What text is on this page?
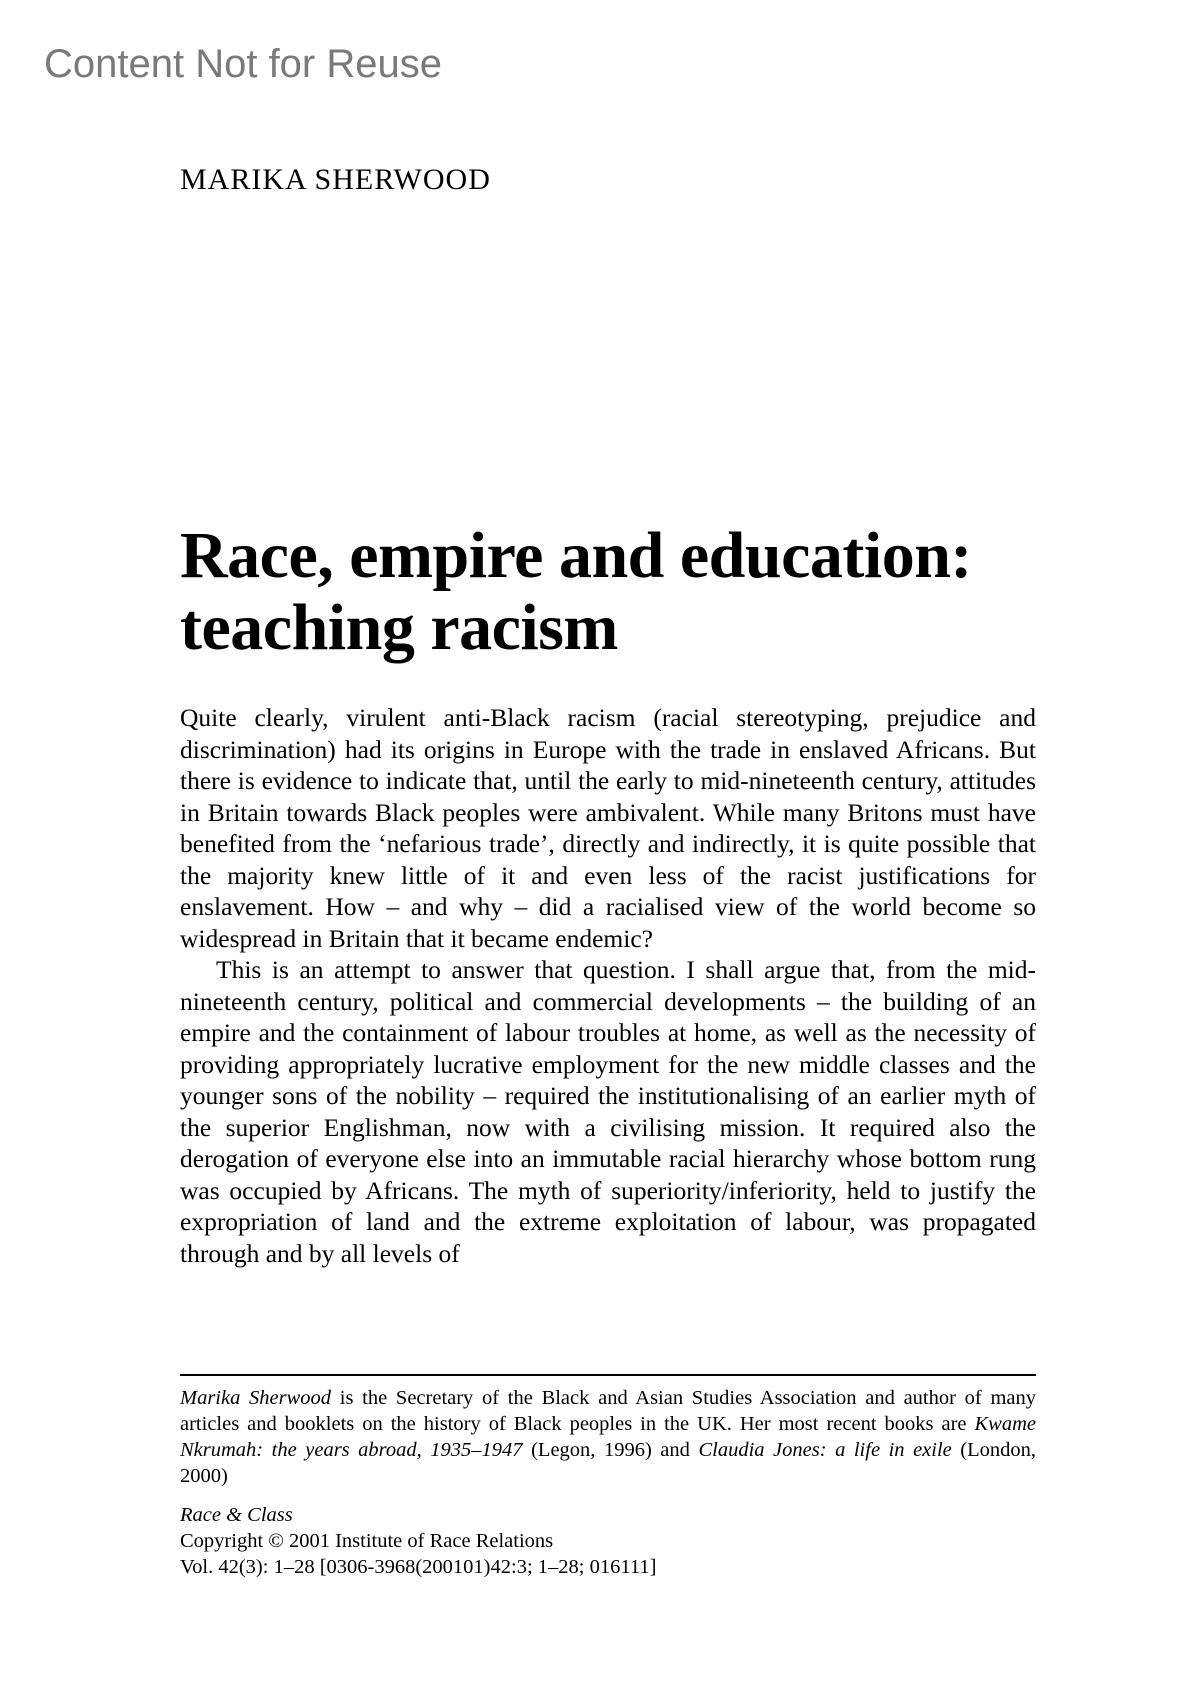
Content Not for Reuse

MARIKA SHERWOOD

Race, empire and education:
teaching racism

Quite clearly, virulent anti-Black racism (racial stereotyping, prejudice and discrimination) had its origins in Europe with the trade in enslaved Africans. But there is evidence to indicate that, until the early to mid-nineteenth century, attitudes in Britain towards Black peoples were ambivalent. While many Britons must have benefited from the ‘nefarious trade’, directly and indirectly, it is quite possible that the majority knew little of it and even less of the racist justifications for enslavement. How – and why – did a racialised view of the world become so widespread in Britain that it became endemic?

This is an attempt to answer that question. I shall argue that, from the mid-nineteenth century, political and commercial developments – the building of an empire and the containment of labour troubles at home, as well as the necessity of providing appropriately lucrative employment for the new middle classes and the younger sons of the nobility – required the institutionalising of an earlier myth of the superior Englishman, now with a civilising mission. It required also the derogation of everyone else into an immutable racial hierarchy whose bottom rung was occupied by Africans. The myth of superiority/inferiority, held to justify the expropriation of land and the extreme exploitation of labour, was propagated through and by all levels of

Marika Sherwood is the Secretary of the Black and Asian Studies Association and author of many articles and booklets on the history of Black peoples in the UK. Her most recent books are Kwame Nkrumah: the years abroad, 1935–1947 (Legon, 1996) and Claudia Jones: a life in exile (London, 2000)

Race & Class
Copyright © 2001 Institute of Race Relations
Vol. 42(3): 1–28 [0306-3968(200101)42:3; 1–28; 016111]
